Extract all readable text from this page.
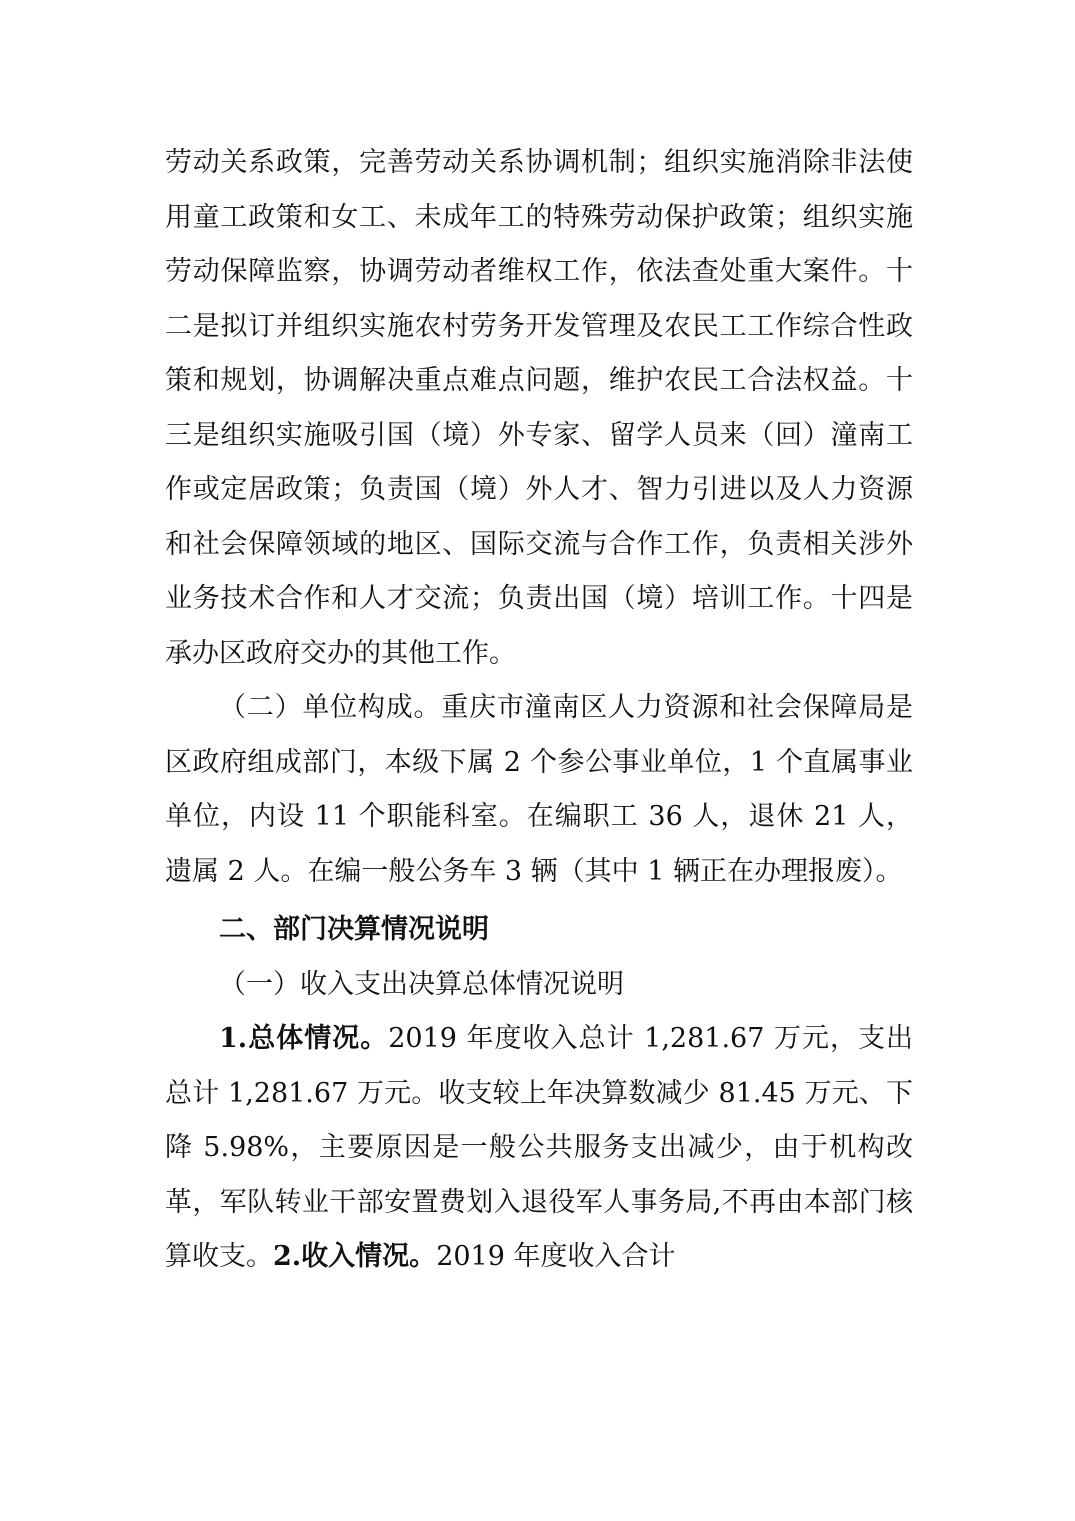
劳动关系政策，完善劳动关系协调机制；组织实施消除非法使用童工政策和女工、未成年工的特殊劳动保护政策；组织实施劳动保障监察，协调劳动者维权工作，依法查处重大案件。十二是拟订并组织实施农村劳务开发管理及农民工工作综合性政策和规划，协调解决重点难点问题，维护农民工合法权益。十三是组织实施吸引国（境）外专家、留学人员来（回）潼南工作或定居政策；负责国（境）外人才、智力引进以及人力资源和社会保障领域的地区、国际交流与合作工作，负责相关涉外业务技术合作和人才交流；负责出国（境）培训工作。十四是承办区政府交办的其他工作。

（二）单位构成。重庆市潼南区人力资源和社会保障局是区政府组成部门，本级下属 2 个参公事业单位，1 个直属事业单位，内设 11 个职能科室。在编职工 36 人，退休 21 人，遗属 2 人。在编一般公务车 3 辆（其中 1 辆正在办理报废）。

二、部门决算情况说明

（一）收入支出决算总体情况说明

1.总体情况。2019 年度收入总计 1,281.67 万元，支出总计 1,281.67 万元。收支较上年决算数减少 81.45 万元、下降 5.98%，主要原因是一般公共服务支出减少，由于机构改革，军队转业干部安置费划入退役军人事务局,不再由本部门核算收支。2.收入情况。2019 年度收入合计
